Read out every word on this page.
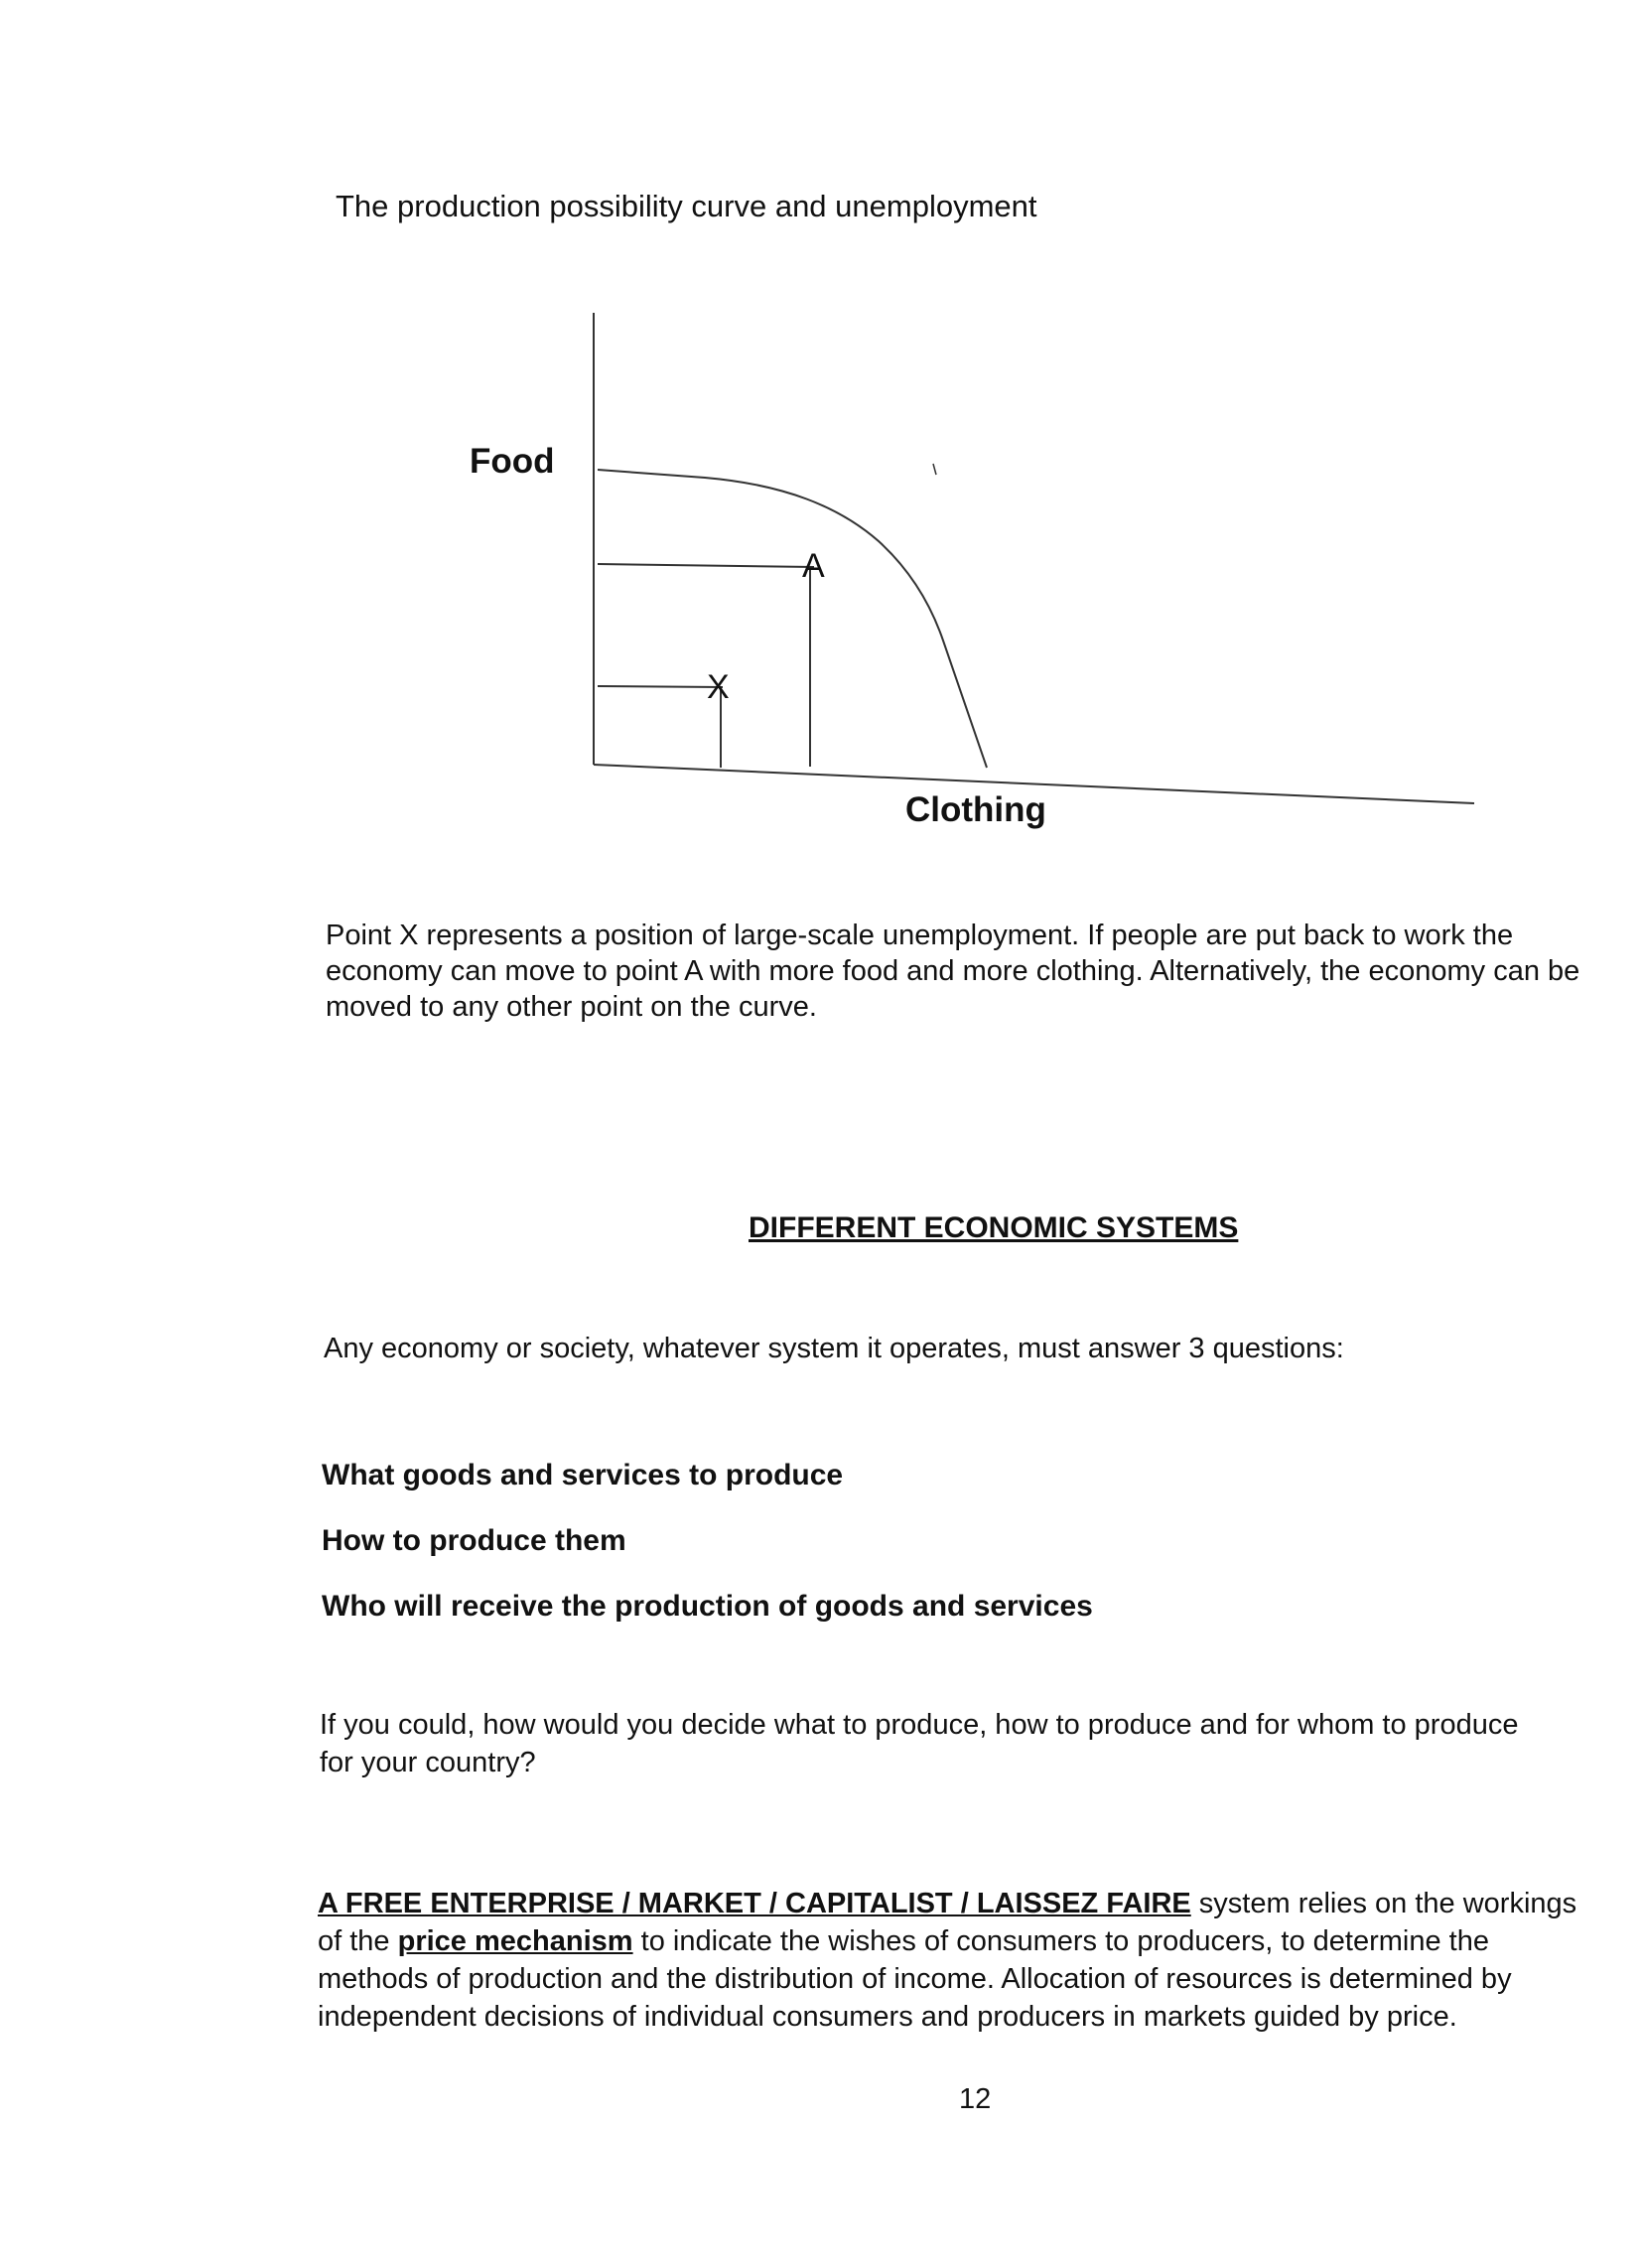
The production possibility curve and unemployment

Food

Clothing

A

X

Point X represents a position of large-scale unemployment. If people are put back to work the economy can move to point A with more food and more clothing. Alternatively, the economy can be moved to any other point on the curve.

DIFFERENT ECONOMIC SYSTEMS

Any economy or society, whatever system it operates, must answer 3 questions:

What goods and services to produce
How to produce them
Who will receive the production of goods and services

If you could, how would you decide what to produce, how to produce and for whom to produce for your country?

A FREE ENTERPRISE / MARKET / CAPITALIST / LAISSEZ FAIRE system relies on the workings of the price mechanism to indicate the wishes of consumers to producers, to determine the methods of production and the distribution of income. Allocation of resources is determined by independent decisions of individual consumers and producers in markets guided by price.

12
